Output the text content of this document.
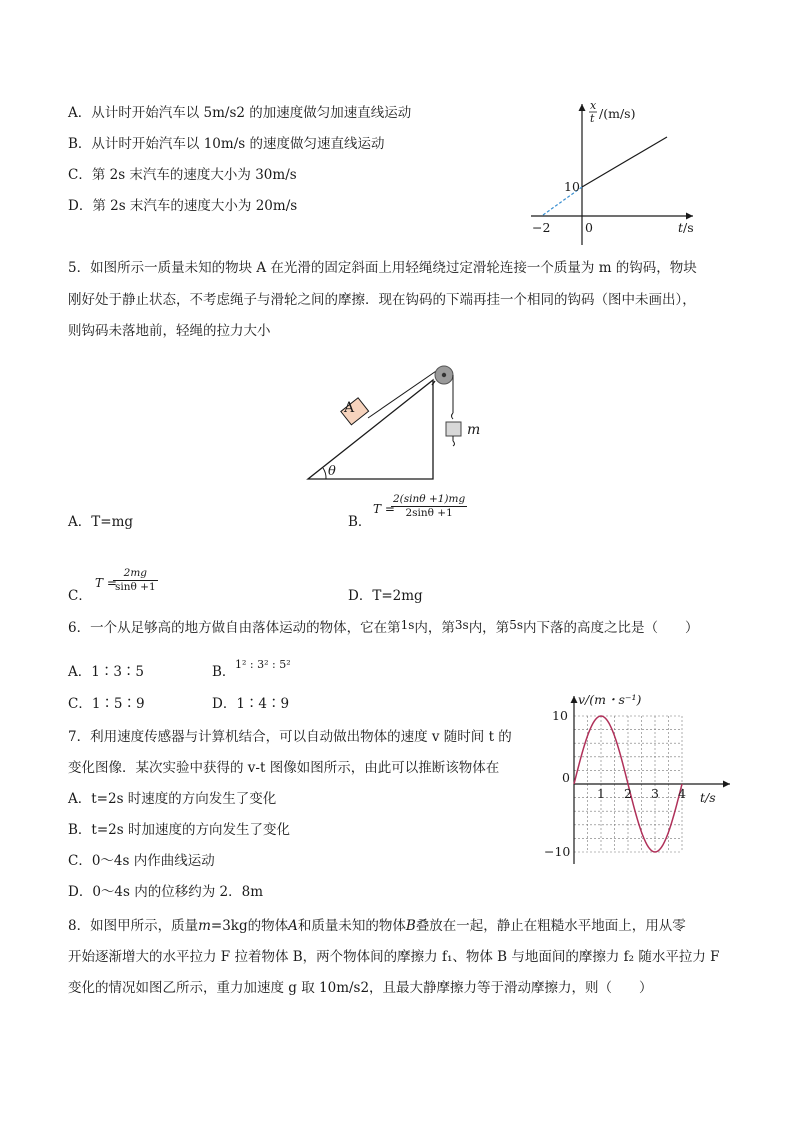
A．从计时开始汽车以 5m/s2 的加速度做匀加速直线运动
B．从计时开始汽车以 10m/s 的速度做匀速直线运动
C．第 2s 末汽车的速度大小为 30m/s
D．第 2s 末汽车的速度大小为 20m/s
x
t /(m/s)
10
0
−2	t/s
5．如图所示一质量未知的物块 A 在光滑的固定斜面上用轻绳绕过定滑轮连接一个质量为 m 的钩码，物块
刚好处于静止状态，不考虑绳子与滑轮之间的摩擦．现在钩码的下端再挂一个相同的钩码（图中未画出），
则钩码未落地前，轻绳的拉力大小
m
A
θ
A．T=mg	B．
T =
$\frac{2(\sin\theta +1)mg}{2\sin\theta +1}$
C．
T =
$\frac{2mg}{\sin\theta +1}$
D．T=2mg
6．一个从足够高的地方做自由落体运动的物体，它在第1s内，第3s内，第5s内下落的高度之比是（　　）
A．1∶3∶5	B． 1² : 3² : 5²
C．1∶5∶9	D．1∶4∶9
7．利用速度传感器与计算机结合，可以自动做出物体的速度 v 随时间 t 的
变化图像．某次实验中获得的 v-t 图像如图所示，由此可以推断该物体在
A．t=2s 时速度的方向发生了变化
B．t=2s 时加速度的方向发生了变化
C．0～4s 内作曲线运动
D．0～4s 内的位移约为 2．8m
0
1 2 3 4
10
−10
v/(m・s⁻¹)
t/s
8．如图甲所示，质量m=3kg的物体A和质量未知的物体B叠放在一起，静止在粗糙水平地面上，用从零
开始逐渐增大的水平拉力 F 拉着物体 B，两个物体间的摩擦力 f₁、物体 B 与地面间的摩擦力 f₂ 随水平拉力 F
变化的情况如图乙所示，重力加速度 g 取 10m/s2，且最大静摩擦力等于滑动摩擦力，则（　　）
